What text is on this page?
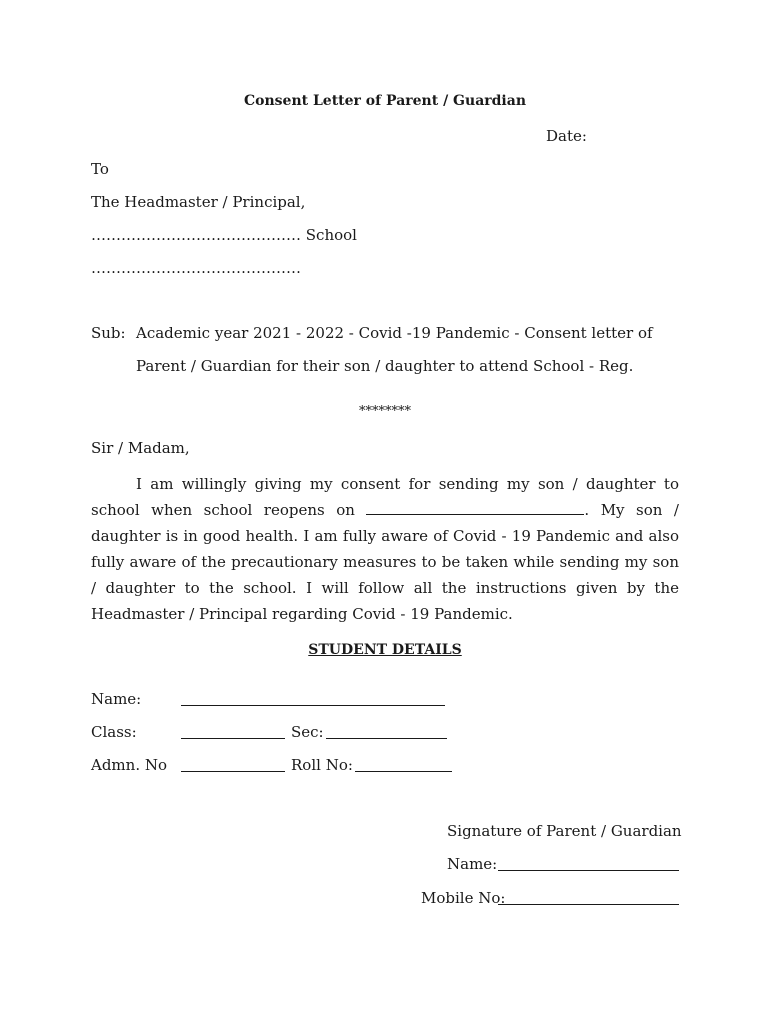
Consent Letter of Parent / Guardian
Date:
To
The Headmaster / Principal,
…………………………………… School
……………………………………
Sub: Academic year 2021 - 2022 - Covid -19 Pandemic - Consent letter of
Parent / Guardian for their son / daughter to attend School - Reg.
********
Sir / Madam,
I am willingly giving my consent for sending my son / daughter to school when school reopens on	. My son / daughter is in good health. I am fully aware of Covid - 19 Pandemic and also fully aware of the precautionary measures to be taken while sending my son / daughter to the school. I will follow all the instructions given by the Headmaster / Principal regarding Covid - 19 Pandemic.
STUDENT DETAILS
Name:
Class:	Sec:
Admn. No	Roll No:
Signature of Parent / Guardian
Name:
Mobile No:
